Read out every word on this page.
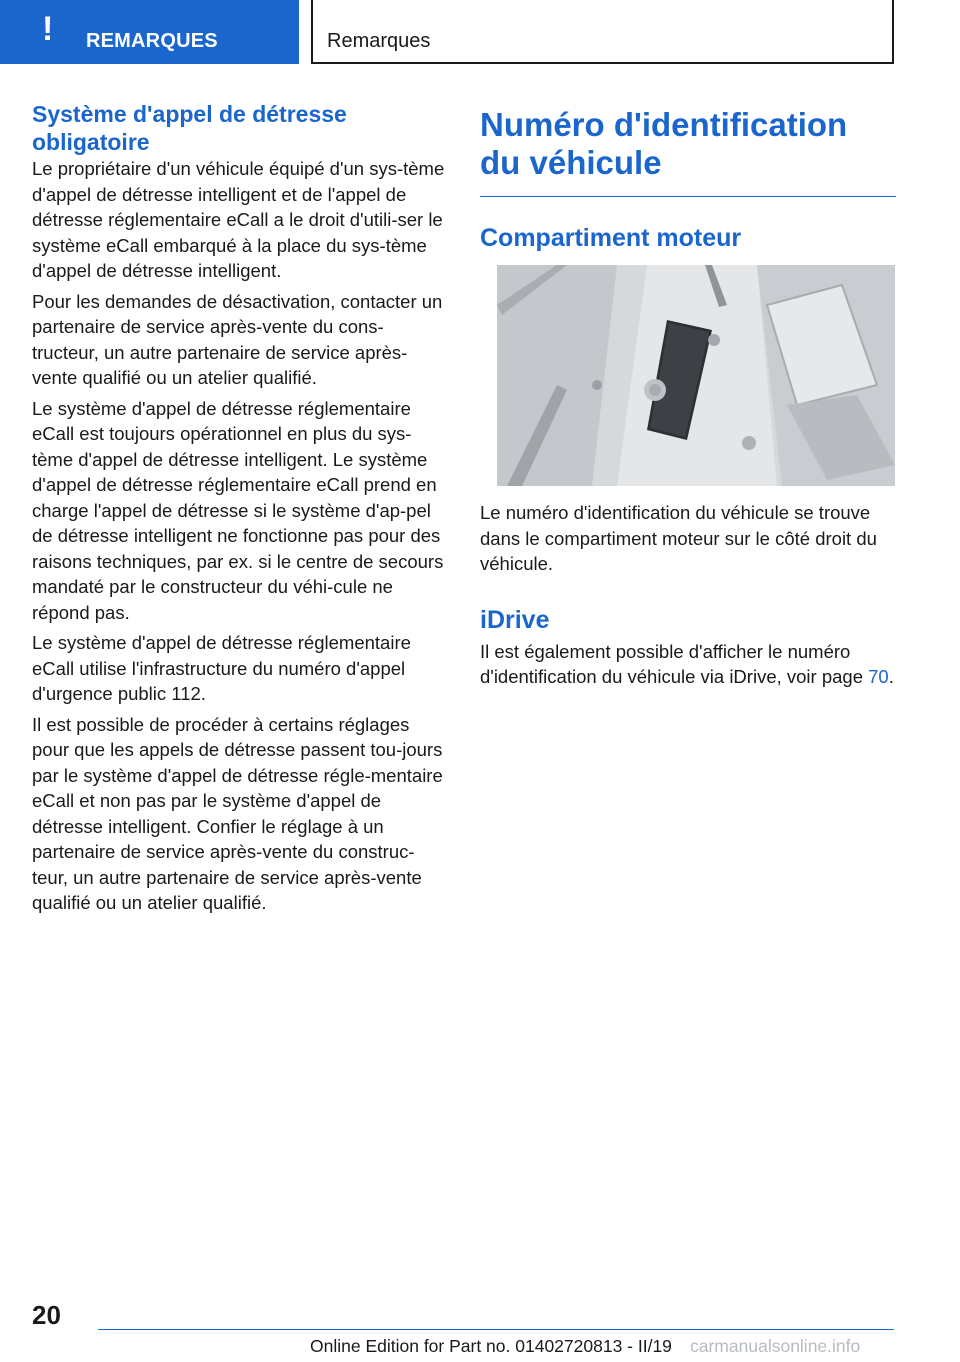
! REMARQUES	Remarques
Système d'appel de détresse obligatoire

Le propriétaire d'un véhicule équipé d'un sys-tème d'appel de détresse intelligent et de l'appel de détresse réglementaire eCall a le droit d'utili-ser le système eCall embarqué à la place du sys-tème d'appel de détresse intelligent.

Pour les demandes de désactivation, contacter un partenaire de service après-vente du cons-tructeur, un autre partenaire de service après-vente qualifié ou un atelier qualifié.

Le système d'appel de détresse réglementaire eCall est toujours opérationnel en plus du sys-tème d'appel de détresse intelligent. Le système d'appel de détresse réglementaire eCall prend en charge l'appel de détresse si le système d'ap-pel de détresse intelligent ne fonctionne pas pour des raisons techniques, par ex. si le centre de secours mandaté par le constructeur du véhi-cule ne répond pas.

Le système d'appel de détresse réglementaire eCall utilise l'infrastructure du numéro d'appel d'urgence public 112.

Il est possible de procéder à certains réglages pour que les appels de détresse passent tou-jours par le système d'appel de détresse régle-mentaire eCall et non pas par le système d'appel de détresse intelligent. Confier le réglage à un partenaire de service après-vente du construc-teur, un autre partenaire de service après-vente qualifié ou un atelier qualifié.

Numéro d'identification du véhicule
Compartiment moteur

Le numéro d'identification du véhicule se trouve dans le compartiment moteur sur le côté droit du véhicule.

iDrive

Il est également possible d'afficher le numéro d'identification du véhicule via iDrive, voir page 70.

20
Online Edition for Part no. 01402720813 - II/19 carmanualsonline.info
